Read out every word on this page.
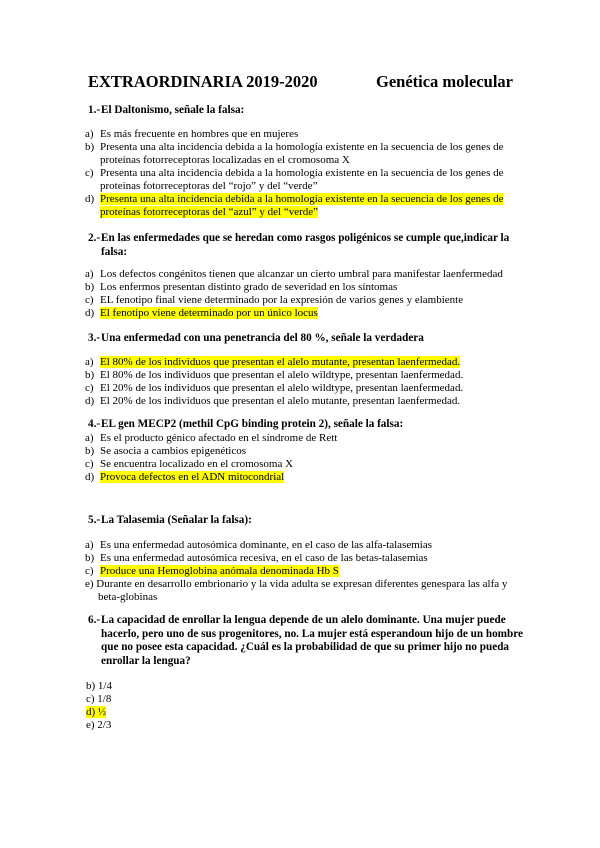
EXTRAORDINARIA 2019-2020	Genética molecular
1.- El Daltonismo, señale la falsa:
a) Es más frecuente en hombres que en mujeres
b) Presenta una alta incidencia debida a la homología existente en la secuencia de los genes de
proteínas fotorreceptoras localizadas en el cromosoma X
c) Presenta una alta incidencia debida a la homología existente en la secuencia de los genes de
proteínas fotorreceptoras del “rojo” y del “verde”
d) Presenta una alta incidencia debida a la homología existente en la secuencia de los genes de
proteínas fotorreceptoras del “azul” y del “verde”
2.- En las enfermedades que se heredan como rasgos poligénicos se cumple que,indicar la falsa:
a) Los defectos congénitos tienen que alcanzar un cierto umbral para manifestar laenfermedad
b) Los enfermos presentan distinto grado de severidad en los síntomas
c) EL fenotipo final viene determinado por la expresión de varios genes y elambiente
d) El fenotipo viene determinado por un único locus
3.- Una enfermedad con una penetrancia del 80 %, señale la verdadera
a) El 80% de los individuos que presentan el alelo mutante, presentan laenfermedad.
b) El 80% de los individuos que presentan el alelo wildtype, presentan laenfermedad.
c) El 20% de los individuos que presentan el alelo wildtype, presentan laenfermedad.
d) El 20% de los individuos que presentan el alelo mutante, presentan laenfermedad.
4.- EL gen MECP2 (methil CpG binding protein 2), señale la falsa:
a) Es el producto génico afectado en el síndrome de Rett
b) Se asocia a cambios epigenéticos
c) Se encuentra localizado en el cromosoma X
d) Provoca defectos en el ADN mitocondrial
5.- La Talasemia (Señalar la falsa):
a) Es una enfermedad autosómica dominante, en el caso de las alfa-talasemias
b) Es una enfermedad autosómica recesiva, en el caso de las betas-talasemias
c) Produce una Hemoglobina anómala denominada Hb S
e) Durante en desarrollo embrionario y la vida adulta se expresan diferentes genespara las alfa y
beta-globinas
6.- La capacidad de enrollar la lengua depende de un alelo dominante. Una mujer puede hacerlo, pero uno de sus progenitores, no. La mujer está esperandoun hijo de un hombre que no posee esta capacidad. ¿Cuál es la probabilidad de que su primer hijo no pueda enrollar la lengua?
b) 1/4
c) 1/8
d) ½
e) 2/3
